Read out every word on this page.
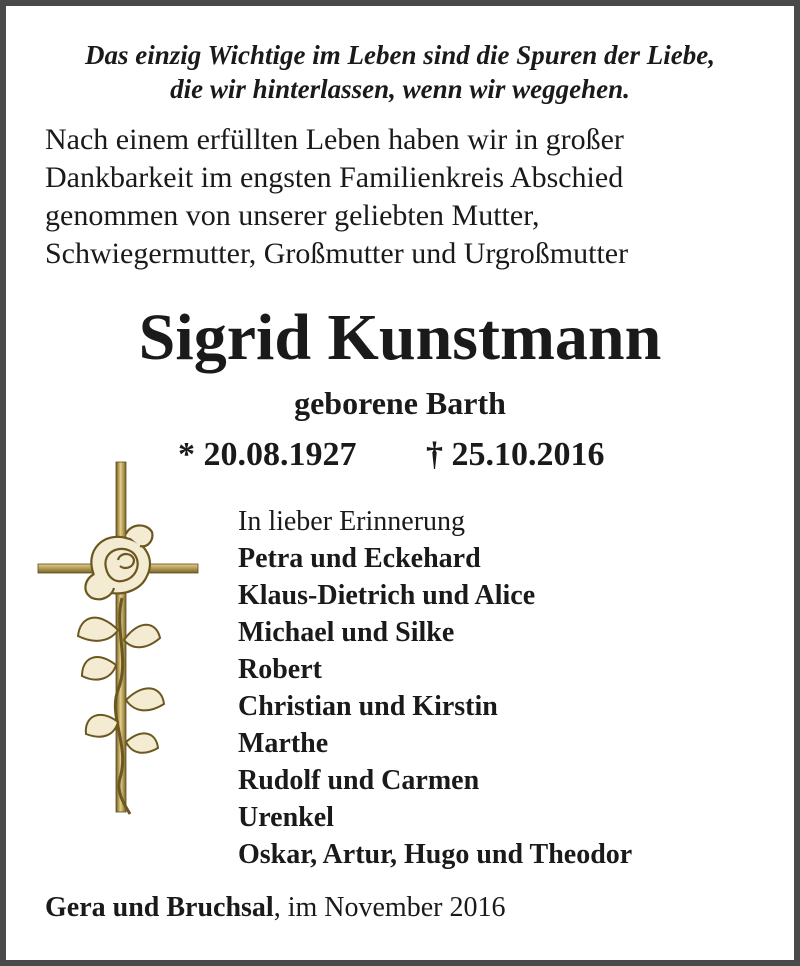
Das einzig Wichtige im Leben sind die Spuren der Liebe,
die wir hinterlassen, wenn wir weggehen.
Nach einem erfüllten Leben haben wir in großer
Dankbarkeit im engsten Familienkreis Abschied
genommen von unserer geliebten Mutter,
Schwiegermutter, Großmutter und Urgroßmutter
Sigrid Kunstmann
geborene Barth
* 20.08.1927 † 25.10.2016
In lieber Erinnerung
Petra und Eckehard
Klaus-Dietrich und Alice
Michael und Silke
Robert
Christian und Kirstin
Marthe
Rudolf und Carmen
Urenkel
Oskar, Artur, Hugo und Theodor
Gera und Bruchsal, im November 2016
